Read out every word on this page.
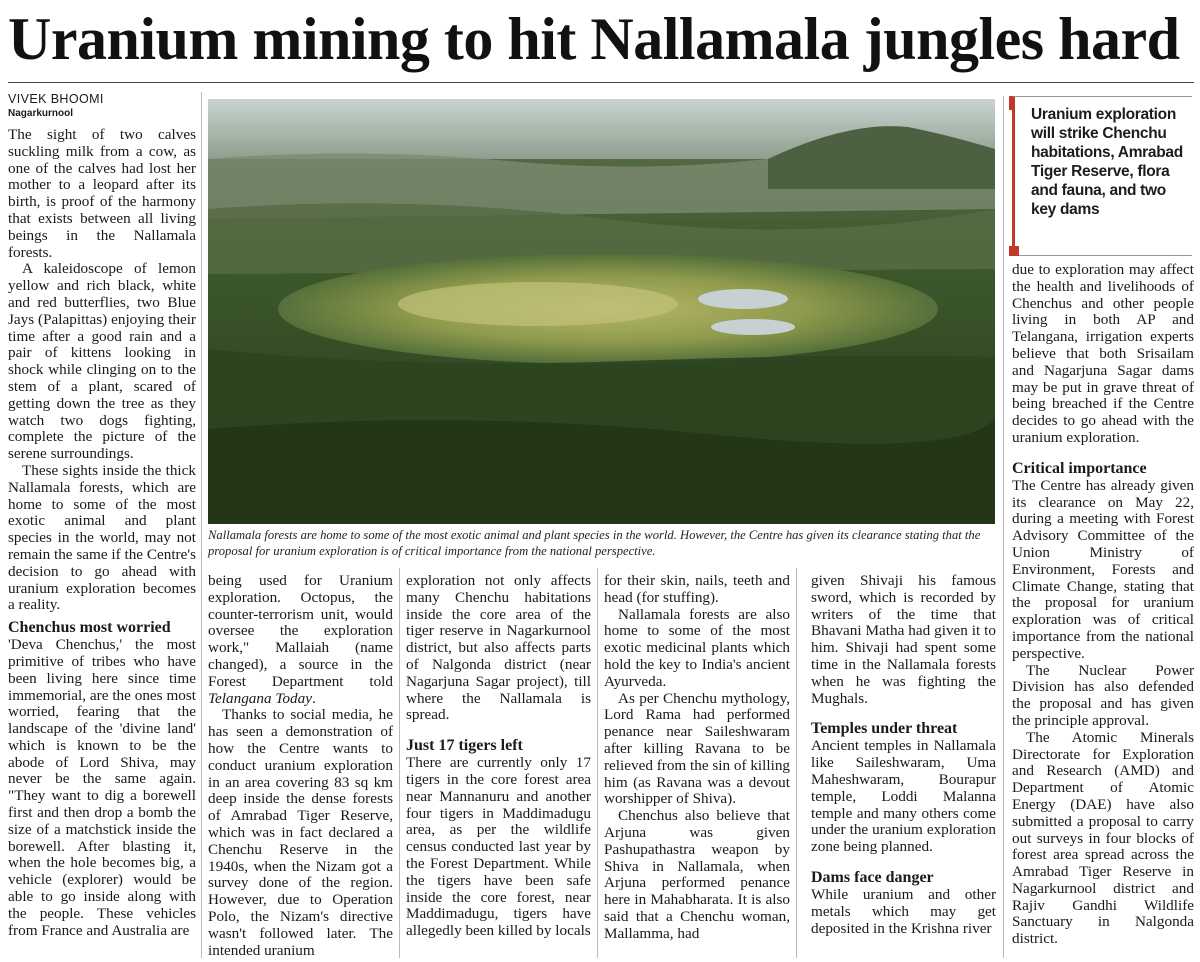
Uranium mining to hit Nallamala jungles hard
VIVEK BHOOMI
Nagarkurnool

The sight of two calves suckling milk from a cow, as one of the calves had lost her mother to a leopard after its birth, is proof of the harmony that exists between all living beings in the Nallamala forests.

A kaleidoscope of lemon yellow and rich black, white and red butterflies, two Blue Jays (Palapittas) enjoying their time after a good rain and a pair of kittens looking in shock while clinging on to the stem of a plant, scared of getting down the tree as they watch two dogs fighting, complete the picture of the serene surroundings.

These sights inside the thick Nallamala forests, which are home to some of the most exotic animal and plant species in the world, may not remain the same if the Centre's decision to go ahead with uranium exploration becomes a reality.

Chenchus most worried

'Deva Chenchus,' the most primitive of tribes who have been living here since time immemorial, are the ones most worried, fearing that the landscape of the 'divine land' which is known to be the abode of Lord Shiva, may never be the same again. "They want to dig a borewell first and then drop a bomb the size of a matchstick inside the borewell. After blasting it, when the hole becomes big, a vehicle (explorer) would be able to go inside along with the people. These vehicles from France and Australia are

Nallamala forests are home to some of the most exotic animal and plant species in the world. However, the Centre has given its clearance stating that the proposal for uranium exploration is of critical importance from the national perspective.

being used for Uranium exploration. Octopus, the counter-terrorism unit, would oversee the exploration work," Mallaiah (name changed), a source in the Forest Department told Telangana Today.

Thanks to social media, he has seen a demonstration of how the Centre wants to conduct uranium exploration in an area covering 83 sq km deep inside the dense forests of Amrabad Tiger Reserve, which was in fact declared a Chenchu Reserve in the 1940s, when the Nizam got a survey done of the region. However, due to Operation Polo, the Nizam's directive wasn't followed later. The intended uranium

exploration not only affects many Chenchu habitations inside the core area of the tiger reserve in Nagarkurnool district, but also affects parts of Nalgonda district (near Nagarjuna Sagar project), till where the Nallamala is spread.

Just 17 tigers left

There are currently only 17 tigers in the core forest area near Mannanuru and another four tigers in Maddimadugu area, as per the wildlife census conducted last year by the Forest Department. While the tigers have been safe inside the core forest, near Maddimadugu, tigers have allegedly been killed by locals

for their skin, nails, teeth and head (for stuffing).

Nallamala forests are also home to some of the most exotic medicinal plants which hold the key to India's ancient Ayurveda.

As per Chenchu mythology, Lord Rama had performed penance near Saileshwaram after killing Ravana to be relieved from the sin of killing him (as Ravana was a devout worshipper of Shiva).

Chenchus also believe that Arjuna was given Pashupathastra weapon by Shiva in Nallamala, when Arjuna performed penance here in Mahabharata. It is also said that a Chenchu woman, Mallamma, had

given Shivaji his famous sword, which is recorded by writers of the time that Bhavani Matha had given it to him. Shivaji had spent some time in the Nallamala forests when he was fighting the Mughals.

Temples under threat

Ancient temples in Nallamala like Saileshwaram, Uma Maheshwaram, Bourapur temple, Loddi Malanna temple and many others come under the uranium exploration zone being planned.

Dams face danger

While uranium and other metals which may get deposited in the Krishna river

Uranium exploration will strike Chenchu habitations, Amrabad Tiger Reserve, flora and fauna, and two key dams

due to exploration may affect the health and livelihoods of Chenchus and other people living in both AP and Telangana, irrigation experts believe that both Srisailam and Nagarjuna Sagar dams may be put in grave threat of being breached if the Centre decides to go ahead with the uranium exploration.

Critical importance

The Centre has already given its clearance on May 22, during a meeting with Forest Advisory Committee of the Union Ministry of Environment, Forests and Climate Change, stating that the proposal for uranium exploration was of critical importance from the national perspective.

The Nuclear Power Division has also defended the proposal and has given the principle approval.

The Atomic Minerals Directorate for Exploration and Research (AMD) and Department of Atomic Energy (DAE) have also submitted a proposal to carry out surveys in four blocks of forest area spread across the Amrabad Tiger Reserve in Nagarkurnool district and Rajiv Gandhi Wildlife Sanctuary in Nalgonda district.
